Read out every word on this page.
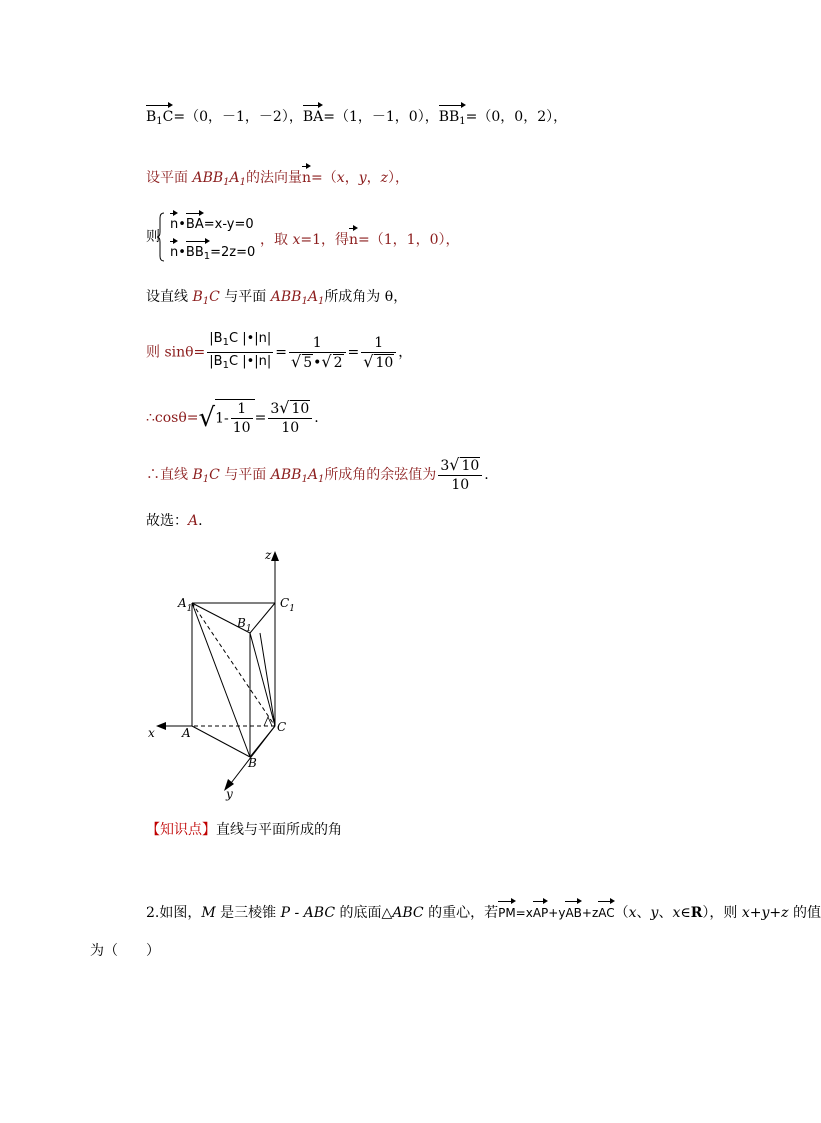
$B_1C=(0$，－1，－2），BA=（1，－1，0），$BB_1=(0$，0，2），
设平面 $ABB_1A_1$的法向量n=（x，y，z），
则
n•BA=x-y=0
$n•BB_1=2z=0$
，取 x=1，得n=（1，1，0），
设直线 $B_1C$ 与平面 $ABB_1A_1$所成角为 θ，
则 $\sin\theta= \frac{|B_1C |•|n|}{|B_1C |•|n|} = \frac{1}{√ 5•√ 2} = \frac{1}{√ 10}$ ，
∴cosθ=√1- $\frac{1}{10} = \frac{3√ 10}{10}$ .
∴直线 $B_1C$ 与平面 $ABB_1A_1$所成角的余弦值为 $\frac{3√ 10}{10}$ .
故选：A.
z
x
y
$A_1$	$C_1$
$B_1$
A
B
C
【知识点】直线与平面所成的角
2.如图，M 是三棱锥 P - ABC 的底面△ABC 的重心，若PM=xAP+yAB+zAC（x、y、x∈R），则 x+y+z 的值
为（　　）
